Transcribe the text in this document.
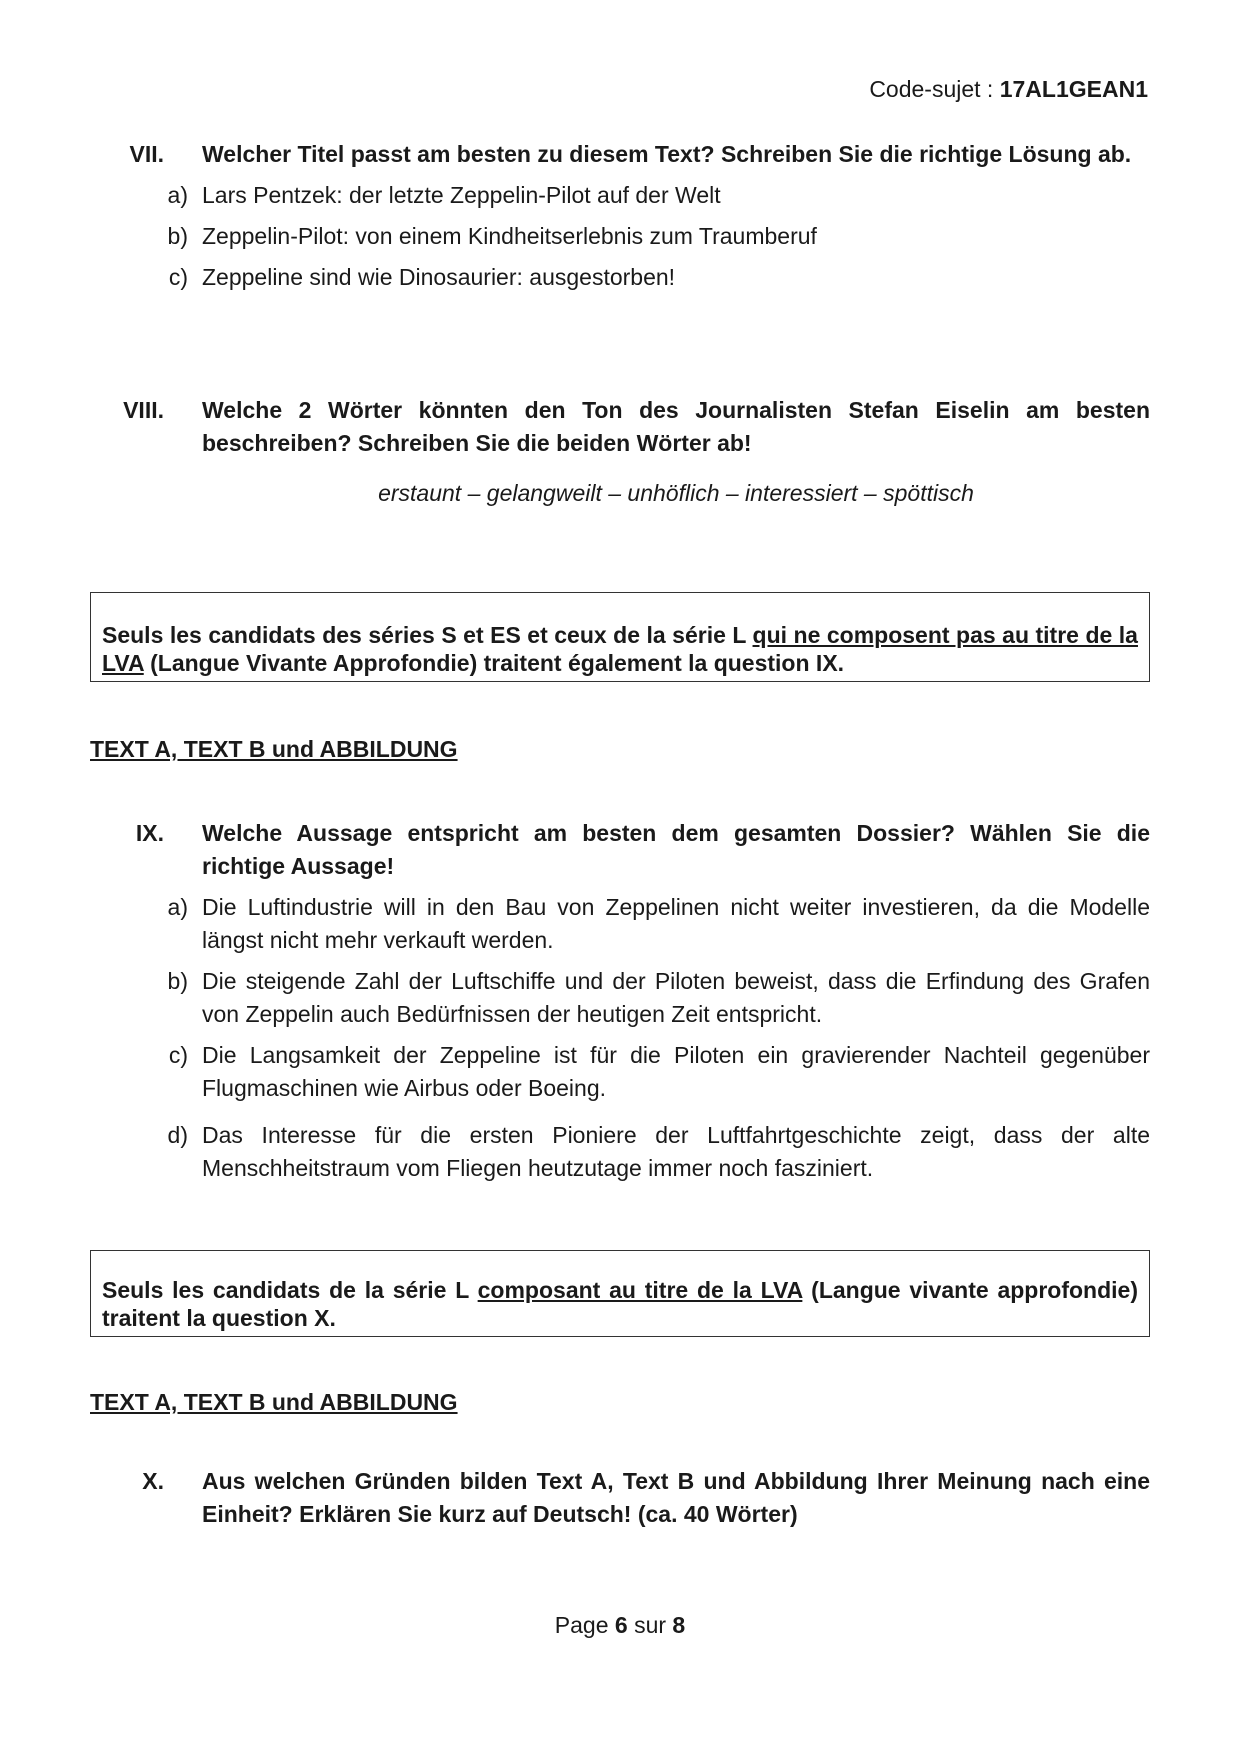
Code-sujet : 17AL1GEAN1
VII.	Welcher Titel passt am besten zu diesem Text? Schreiben Sie die richtige Lösung ab.
a) Lars Pentzek: der letzte Zeppelin-Pilot auf der Welt
b) Zeppelin-Pilot: von einem Kindheitserlebnis zum Traumberuf
c) Zeppeline sind wie Dinosaurier: ausgestorben!
VIII.	Welche 2 Wörter könnten den Ton des Journalisten Stefan Eiselin am besten beschreiben? Schreiben Sie die beiden Wörter ab!
erstaunt – gelangweilt – unhöflich – interessiert – spöttisch
Seuls les candidats des séries S et ES et ceux de la série L qui ne composent pas au titre de la LVA (Langue Vivante Approfondie) traitent également la question IX.
TEXT A, TEXT B und ABBILDUNG
IX.	Welche Aussage entspricht am besten dem gesamten Dossier? Wählen Sie die richtige Aussage!
a) Die Luftindustrie will in den Bau von Zeppelinen nicht weiter investieren, da die Modelle längst nicht mehr verkauft werden.
b) Die steigende Zahl der Luftschiffe und der Piloten beweist, dass die Erfindung des Grafen von Zeppelin auch Bedürfnissen der heutigen Zeit entspricht.
c) Die Langsamkeit der Zeppeline ist für die Piloten ein gravierender Nachteil gegenüber Flugmaschinen wie Airbus oder Boeing.
d) Das Interesse für die ersten Pioniere der Luftfahrtgeschichte zeigt, dass der alte Menschheitstraum vom Fliegen heutzutage immer noch fasziniert.
Seuls les candidats de la série L composant au titre de la LVA (Langue vivante approfondie) traitent la question X.
TEXT A, TEXT B und ABBILDUNG
X.	Aus welchen Gründen bilden Text A, Text B und Abbildung Ihrer Meinung nach eine Einheit? Erklären Sie kurz auf Deutsch! (ca. 40 Wörter)
Page 6 sur 8
